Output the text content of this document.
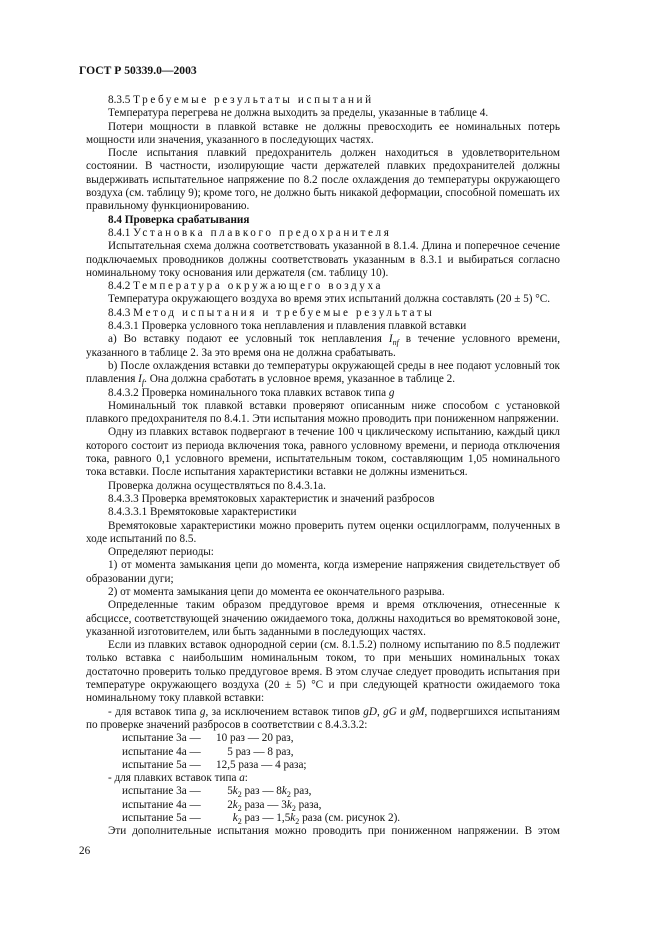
ГОСТ Р 50339.0—2003

8.3.5 Требуемые результаты испытаний

Температура перегрева не должна выходить за пределы, указанные в таблице 4.

Потери мощности в плавкой вставке не должны превосходить ее номинальных потерь мощности или значения, указанного в последующих частях.

После испытания плавкий предохранитель должен находиться в удовлетворительном состоянии. В частности, изолирующие части держателей плавких предохранителей должны выдерживать испытательное напряжение по 8.2 после охлаждения до температуры окружающего воздуха (см. таблицу 9); кроме того, не должно быть никакой деформации, способной помешать их правильному функционированию.

8.4 Проверка срабатывания

8.4.1 Установка плавкого предохранителя

Испытательная схема должна соответствовать указанной в 8.1.4. Длина и поперечное сечение подключаемых проводников должны соответствовать указанным в 8.3.1 и выбираться согласно номинальному току основания или держателя (см. таблицу 10).

8.4.2 Температура окружающего воздуха

Температура окружающего воздуха во время этих испытаний должна составлять (20 ± 5) °С.

8.4.3 Метод испытания и требуемые результаты

8.4.3.1 Проверка условного тока неплавления и плавления плавкой вставки

a) Во вставку подают ее условный ток неплавления $I_{nf}$ в течение условного времени, указанного в таблице 2. За это время она не должна срабатывать.

b) После охлаждения вставки до температуры окружающей среды в нее подают условный ток плавления $I_f$. Она должна сработать в условное время, указанное в таблице 2.

8.4.3.2 Проверка номинального тока плавких вставок типа g

Номинальный ток плавкой вставки проверяют описанным ниже способом с установкой плавкого предохранителя по 8.4.1. Эти испытания можно проводить при пониженном напряжении.

Одну из плавких вставок подвергают в течение 100 ч циклическому испытанию, каждый цикл которого состоит из периода включения тока, равного условному времени, и периода отключения тока, равного 0,1 условного времени, испытательным током, составляющим 1,05 номинального тока вставки. После испытания характеристики вставки не должны измениться.

Проверка должна осуществляться по 8.4.3.1а.

8.4.3.3 Проверка времятоковых характеристик и значений разбросов

8.4.3.3.1 Времятоковые характеристики

Времятоковые характеристики можно проверить путем оценки осциллограмм, полученных в ходе испытаний по 8.5.

Определяют периоды:

1) от момента замыкания цепи до момента, когда измерение напряжения свидетельствует об образовании дуги;

2) от момента замыкания цепи до момента ее окончательного разрыва.

Определенные таким образом преддуговое время и время отключения, отнесенные к абсциссе, соответствующей значению ожидаемого тока, должны находиться во времятоковой зоне, указанной изготовителем, или быть заданными в последующих частях.

Если из плавких вставок однородной серии (см. 8.1.5.2) полному испытанию по 8.5 подлежит только вставка с наибольшим номинальным током, то при меньших номинальных токах достаточно проверить только преддуговое время. В этом случае следует проводить испытания при температуре окружающего воздуха (20 ± 5) °С и при следующей кратности ожидаемого тока номинальному току плавкой вставки:

- для вставок типа g, за исключением вставок типов gD, gG и gM, подвергшихся испытаниям по проверке значений разбросов в соответствии с 8.4.3.3.2:

испытание 3а — 10 раз — 20 раз,

испытание 4а — 5 раз — 8 раз,

испытание 5а — 12,5 раза — 4 раза;

- для плавких вставок типа a:

испытание 3а — $5k_2$ раз — $8k_2$ раз,

испытание 4а — $2k_2$ раза — $3k_2$ раза,

испытание 5а —	$k_2$ раз — $1,5k_2$ раза (см. рисунок 2).

Эти дополнительные испытания можно проводить при пониженном напряжении. В этом

26
